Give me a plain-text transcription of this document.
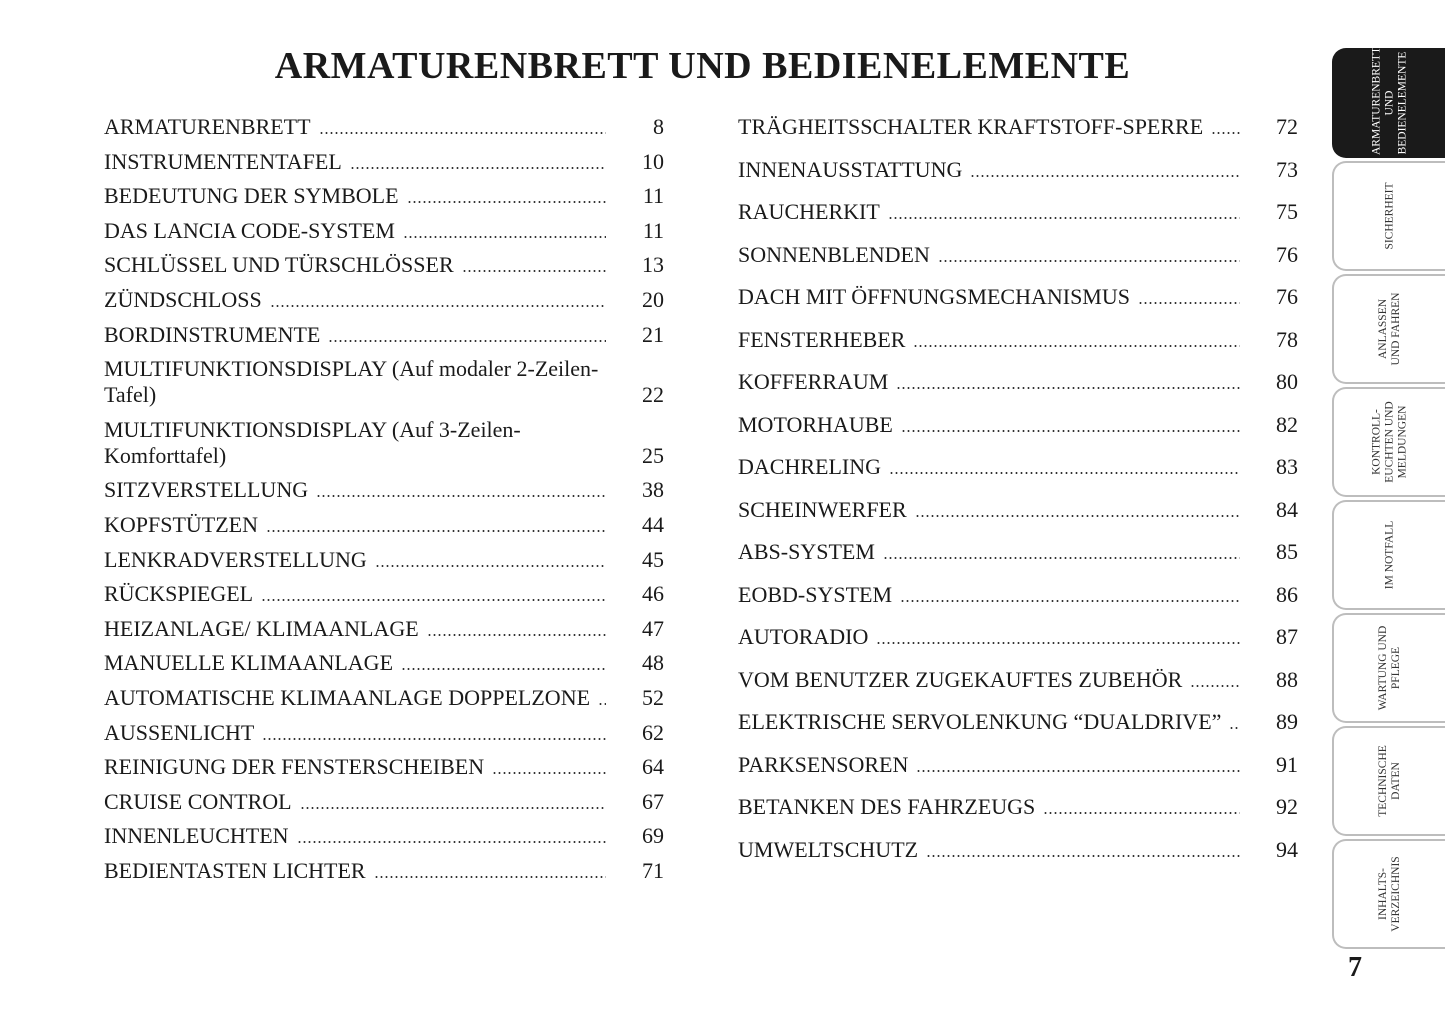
ARMATURENBRETT UND BEDIENELEMENTE
ARMATURENBRETT	8
INSTRUMENTENTAFEL	10
BEDEUTUNG DER SYMBOLE	11
DAS LANCIA CODE-SYSTEM	11
SCHLÜSSEL UND TÜRSCHLÖSSER	13
ZÜNDSCHLOSS	20
BORDINSTRUMENTE	21
MULTIFUNKTIONSDISPLAY (Auf modaler 2-Zeilen-Tafel)	22
MULTIFUNKTIONSDISPLAY (Auf 3-Zeilen-Komforttafel)	25
SITZVERSTELLUNG	38
KOPFSTÜTZEN	44
LENKRADVERSTELLUNG	45
RÜCKSPIEGEL	46
HEIZANLAGE/ KLIMAANLAGE	47
MANUELLE KLIMAANLAGE	48
AUTOMATISCHE KLIMAANLAGE DOPPELZONE	52
AUSSENLICHT	62
REINIGUNG DER FENSTERSCHEIBEN	64
CRUISE CONTROL	67
INNENLEUCHTEN	69
BEDIENTASTEN LICHTER	71
TRÄGHEITSSCHALTER KRAFTSTOFF-SPERRE	72
INNENAUSSTATTUNG	73
RAUCHERKIT	75
SONNENBLENDEN	76
DACH MIT ÖFFNUNGSMECHANISMUS	76
FENSTERHEBER	78
KOFFERRAUM	80
MOTORHAUBE	82
DACHRELING	83
SCHEINWERFER	84
ABS-SYSTEM	85
EOBD-SYSTEM	86
AUTORADIO	87
VOM BENUTZER ZUGEKAUFTES ZUBEHÖR	88
ELEKTRISCHE SERVOLENKUNG “DUALDRIVE”	89
PARKSENSOREN	91
BETANKEN DES FAHRZEUGS	92
UMWELTSCHUTZ	94
ARMATURENBRETT
UND
BEDIENELEMENTE
SICHERHEIT
ANLASSEN
UND FAHREN
KONTROLL-
EUCHTEN UND
MELDUNGEN
IM NOTFALL
WARTUNG UND
PFLEGE
TECHNISCHE
DATEN
INHALTS-
VERZEICHNIS
7
